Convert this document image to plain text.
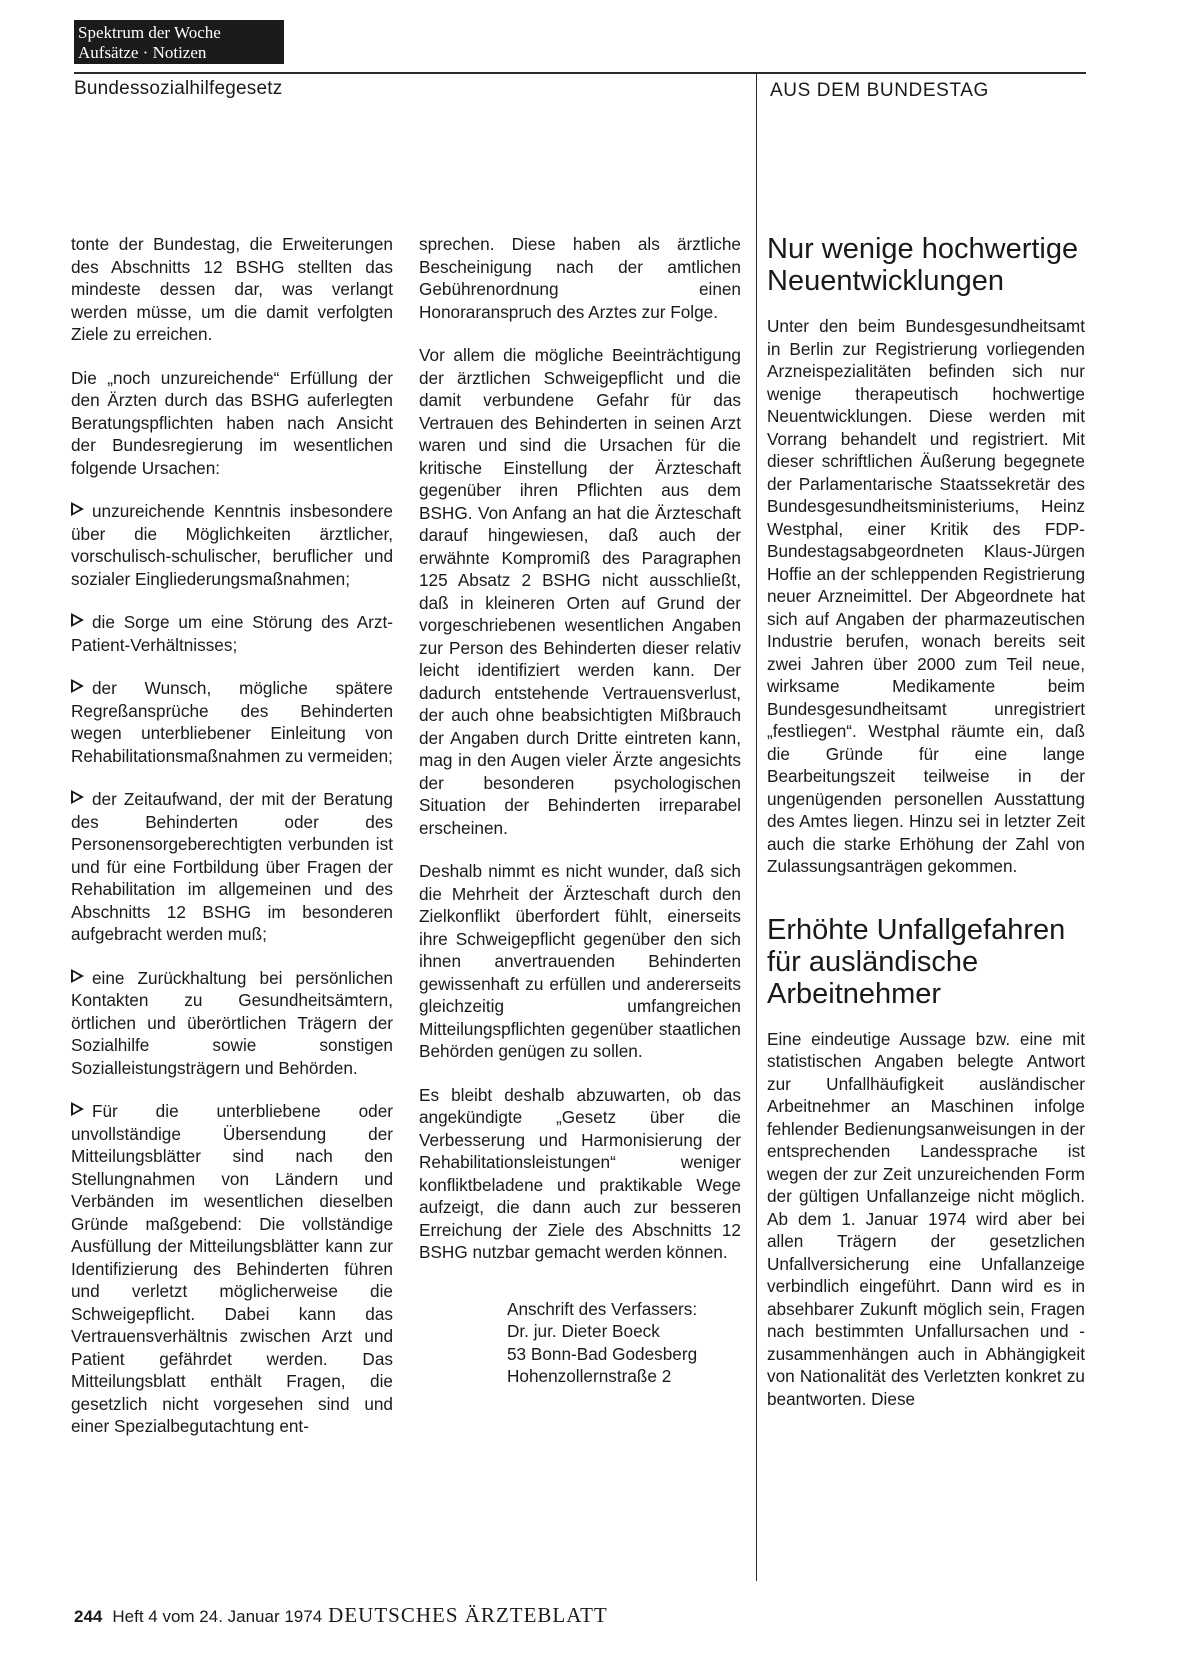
Spektrum der Woche
Aufsätze · Notizen
Bundessozialhilfegesetz	AUS DEM BUNDESTAG

tonte der Bundestag, die Erweiterungen des Abschnitts 12 BSHG stellten das mindeste dessen dar, was verlangt werden müsse, um die damit verfolgten Ziele zu erreichen.

Die „noch unzureichende“ Erfüllung der den Ärzten durch das BSHG auferlegten Beratungspflichten haben nach Ansicht der Bundesregierung im wesentlichen folgende Ursachen:

unzureichende Kenntnis insbesondere über die Möglichkeiten ärztlicher, vorschulisch-schulischer, beruflicher und sozialer Eingliederungsmaßnahmen;

die Sorge um eine Störung des Arzt-Patient-Verhältnisses;

der Wunsch, mögliche spätere Regreßansprüche des Behinderten wegen unterbliebener Einleitung von Rehabilitationsmaßnahmen zu vermeiden;

der Zeitaufwand, der mit der Beratung des Behinderten oder des Personensorgeberechtigten verbunden ist und für eine Fortbildung über Fragen der Rehabilitation im allgemeinen und des Abschnitts 12 BSHG im besonderen aufgebracht werden muß;

eine Zurückhaltung bei persönlichen Kontakten zu Gesundheitsämtern, örtlichen und überörtlichen Trägern der Sozialhilfe sowie sonstigen Sozialleistungsträgern und Behörden.

Für die unterbliebene oder unvollständige Übersendung der Mitteilungsblätter sind nach den Stellungnahmen von Ländern und Verbänden im wesentlichen dieselben Gründe maßgebend: Die vollständige Ausfüllung der Mitteilungsblätter kann zur Identifizierung des Behinderten führen und verletzt möglicherweise die Schweigepflicht. Dabei kann das Vertrauensverhältnis zwischen Arzt und Patient gefährdet werden. Das Mitteilungsblatt enthält Fragen, die gesetzlich nicht vorgesehen sind und einer Spezialbegutachtung ent-

sprechen. Diese haben als ärztliche Bescheinigung nach der amtlichen Gebührenordnung einen Honoraranspruch des Arztes zur Folge.

Vor allem die mögliche Beeinträchtigung der ärztlichen Schweigepflicht und die damit verbundene Gefahr für das Vertrauen des Behinderten in seinen Arzt waren und sind die Ursachen für die kritische Einstellung der Ärzteschaft gegenüber ihren Pflichten aus dem BSHG. Von Anfang an hat die Ärzteschaft darauf hingewiesen, daß auch der erwähnte Kompromiß des Paragraphen 125 Absatz 2 BSHG nicht ausschließt, daß in kleineren Orten auf Grund der vorgeschriebenen wesentlichen Angaben zur Person des Behinderten dieser relativ leicht identifiziert werden kann. Der dadurch entstehende Vertrauensverlust, der auch ohne beabsichtigten Mißbrauch der Angaben durch Dritte eintreten kann, mag in den Augen vieler Ärzte angesichts der besonderen psychologischen Situation der Behinderten irreparabel erscheinen.

Deshalb nimmt es nicht wunder, daß sich die Mehrheit der Ärzteschaft durch den Zielkonflikt überfordert fühlt, einerseits ihre Schweigepflicht gegenüber den sich ihnen anvertrauenden Behinderten gewissenhaft zu erfüllen und andererseits gleichzeitig umfangreichen Mitteilungspflichten gegenüber staatlichen Behörden genügen zu sollen.

Es bleibt deshalb abzuwarten, ob das angekündigte „Gesetz über die Verbesserung und Harmonisierung der Rehabilitationsleistungen“ weniger konfliktbeladene und praktikable Wege aufzeigt, die dann auch zur besseren Erreichung der Ziele des Abschnitts 12 BSHG nutzbar gemacht werden können.

Anschrift des Verfassers:
Dr. jur. Dieter Boeck
53 Bonn-Bad Godesberg
Hohenzollernstraße 2
Nur wenige hochwertige Neuentwicklungen

Unter den beim Bundesgesundheitsamt in Berlin zur Registrierung vorliegenden Arzneispezialitäten befinden sich nur wenige therapeutisch hochwertige Neuentwicklungen. Diese werden mit Vorrang behandelt und registriert. Mit dieser schriftlichen Äußerung begegnete der Parlamentarische Staatssekretär des Bundesgesundheitsministeriums, Heinz Westphal, einer Kritik des FDP-Bundestagsabgeordneten Klaus-Jürgen Hoffie an der schleppenden Registrierung neuer Arzneimittel. Der Abgeordnete hat sich auf Angaben der pharmazeutischen Industrie berufen, wonach bereits seit zwei Jahren über 2000 zum Teil neue, wirksame Medikamente beim Bundesgesundheitsamt unregistriert „festliegen“. Westphal räumte ein, daß die Gründe für eine lange Bearbeitungszeit teilweise in der ungenügenden personellen Ausstattung des Amtes liegen. Hinzu sei in letzter Zeit auch die starke Erhöhung der Zahl von Zulassungsanträgen gekommen.

Erhöhte Unfallgefahren für ausländische Arbeitnehmer

Eine eindeutige Aussage bzw. eine mit statistischen Angaben belegte Antwort zur Unfallhäufigkeit ausländischer Arbeitnehmer an Maschinen infolge fehlender Bedienungsanweisungen in der entsprechenden Landessprache ist wegen der zur Zeit unzureichenden Form der gültigen Unfallanzeige nicht möglich. Ab dem 1. Januar 1974 wird aber bei allen Trägern der gesetzlichen Unfallversicherung eine Unfallanzeige verbindlich eingeführt. Dann wird es in absehbarer Zukunft möglich sein, Fragen nach bestimmten Unfallursachen und -zusammenhängen auch in Abhängigkeit von Nationalität des Verletzten konkret zu beantworten. Diese

244 Heft 4 vom 24. Januar 1974 DEUTSCHES ÄRZTEBLATT
